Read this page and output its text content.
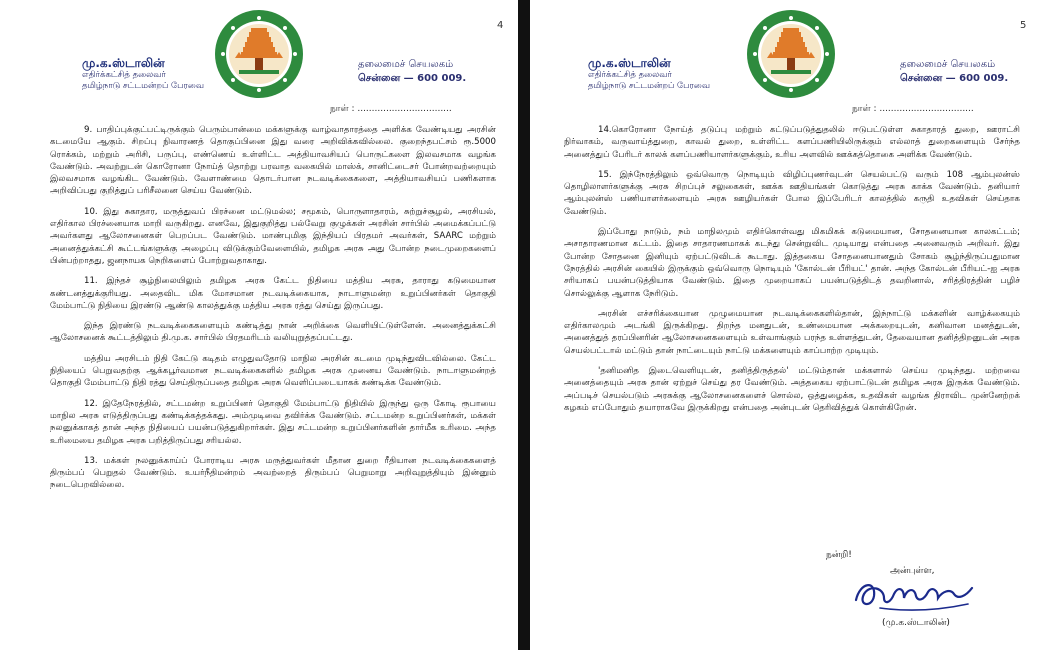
4
மு.க.ஸ்டாலின்
எதிர்க்கட்சித் தலைவர்
தமிழ்நாடு சட்டமன்றப் பேரவை
தலைமைச் செயலகம்
சென்னை — 600 009.
நாள் : .................................

9. பாதிப்புக்குட்பட்டிருக்கும் பெரும்பான்மை மக்களுக்கு வாழ்வாதாரத்தை அளிக்க வேண்டியது அரசின் கடமையே ஆகும். சிறப்பு நிவாரணத் தொகுப்பினை இது வரை அறிவிக்கவில்லை. குறைந்தபட்சம் ரூ.5000 ரொக்கம், மற்றும் அரிசி, பருப்பு, எண்ணெய் உள்ளிட்ட அத்தியாவசியப் பொருட்களை இலவசமாக வழங்க வேண்டும். அவற்றுடன் கொரோனா நோய்த் தொற்று பரவாத வகையில் மாஸ்க், சானிட்டைசர் போன்றவற்றையும் இலவசமாக வழங்கிட வேண்டும். வேளாண்மை தொடர்பான நடவடிக்கைகளை, அத்தியாவசியப் பணிகளாக அறிவிப்பது குறித்துப் பரிசீலனை செய்ய வேண்டும்.

10. இது சுகாதார, மருத்துவப் பிரச்னை மட்டுமல்ல; சமூகம், பொருளாதாரம், சுற்றுச்சூழல், அரசியல், எதிர்கால பிரச்னையாக மாறி வருகிறது. எனவே, இதுகுறித்து பல்வேறு குழுக்கள் அரசின் சார்பில் அமைக்கப்பட்டு அவர்களது ஆலோசனைகள் பெறப்பட வேண்டும். மாண்புமிகு இந்தியப் பிரதமர் அவர்கள், SAARC மற்றும் அனைத்துக்கட்சி கூட்டங்களுக்கு அழைப்பு விடுக்கும்வேளையில், தமிழக அரசு அது போன்ற நடைமுறைகளைப் பின்பற்றாதது, ஜனநாயக நெறிகளைப் போற்றுவதாகாது.

11. இந்தச் சூழ்நிலையிலும் தமிழக அரசு கேட்ட நிதியை மத்திய அரசு, தாராது கடுமையான கண்டனத்துக்குரியது. அதைவிட மிக மோசமான நடவடிக்கையாக, நாடாளுமன்ற உறுப்பினர்கள் தொகுதி மேம்பாட்டு நிதியை இரண்டு ஆண்டு காலத்துக்கு மத்திய அரசு ரத்து செய்து இருப்பது.

இந்த இரண்டு நடவடிக்கைகளையும் கண்டித்து நான் அறிக்கை வெளியிட்டுள்ளேன். அனைத்துக்கட்சி ஆலோசனைக் கூட்டத்திலும் தி.மு.க. சார்பில் பிரதமரிடம் வலியுறுத்தப்பட்டது.

மத்திய அரசிடம் நிதி கேட்டு கடிதம் எழுதுவதோடு மாநில அரசின் கடமை முடிந்துவிடவில்லை. கேட்ட நிதியைப் பெறுவதற்கு ஆக்கபூர்வமான நடவடிக்கைகளில் தமிழக அரசு முனைய வேண்டும். நாடாளுமன்றத் தொகுதி மேம்பாட்டு நிதி ரத்து செய்திருப்பதை தமிழக அரசு வெளிப்படையாகக் கண்டிக்க வேண்டும்.

12. இதேநேரத்தில், சட்டமன்ற உறுப்பினர் தொகுதி மேம்பாட்டு நிதியில் இருந்து ஒரு கோடி ரூபாயை மாநில அரசு எடுத்திருப்பது கண்டிக்கத்தக்கது. அம்முடிவை தவிர்க்க வேண்டும். சட்டமன்ற உறுப்பினர்கள், மக்கள் நலனுக்காகத் தான் அந்த நிதியைப் பயன்படுத்துகிறார்கள். இது சட்டமன்ற உறுப்பினர்களின் தார்மீக உரிமை. அந்த உரிமையை தமிழக அரசு பறித்திருப்பது சரியல்ல.

13. மக்கள் நலனுக்காய்ப் போராடிய அரசு மருத்துவர்கள் மீதான துறை ரீதியான நடவடிக்கைகளைத் திரும்பப் பெறுதல் வேண்டும். உயர்நீதிமன்றம் அவற்றைத் திரும்பப் பெறுமாறு அறிவுறுத்தியும் இன்னும் நடைபெறவில்லை.

5
மு.க.ஸ்டாலின்
எதிர்க்கட்சித் தலைவர்
தமிழ்நாடு சட்டமன்றப் பேரவை
தலைமைச் செயலகம்
சென்னை — 600 009.
நாள் : .................................

14.கொரோனா நோய்த் தடுப்பு மற்றும் கட்டுப்படுத்துதலில் ஈடுபட்டுள்ள சுகாதாரத் துறை, ஊராட்சி நிர்வாகம், வருவாய்த்துறை, காவல் துறை, உள்ளிட்ட களப்பணியிலிருக்கும் எல்லாத் துறைகளையும் சேர்ந்த அனைத்துப் பேரிடர் காலக் களப்பணியாளர்களுக்கும், உரிய அளவில் ஊக்கத்தொகை அளிக்க வேண்டும்.

15. இந்நேரத்திலும் ஒவ்வொரு நொடியும் விழிப்புணர்வுடன் செயல்பட்டு வரும் 108 ஆம்புலன்ஸ் தொழிலாளர்களுக்கு அரசு சிறப்புச் சலுகைகள், ஊக்க ஊதியங்கள் கொடுத்து அரசு காக்க வேண்டும். தனியார் ஆம்புலன்ஸ் பணியாளர்களையும் அரசு ஊழியர்கள் போல இப்பேரிடர் காலத்தில் கருதி உதவிகள் செய்தாக வேண்டும்.

இப்போது நாடும், நம் மாநிலமும் எதிர்கொள்வது மிகமிகக் கடுமையான, சோதனையான காலகட்டம்; அசாதாரணமான கட்டம். இதை சாதாரணமாகக் கடந்து சென்றுவிட முடியாது என்பதை அனைவரும் அறிவர். இது போன்ற சோதனை இனியும் ஏற்பட்டுவிடக் கூடாது. இத்தகைய சோதனையானதும் சோகம் சூழ்ந்திருப்பதுமான நேரத்தில் அரசின் கையில் இருக்கும் ஒவ்வொரு நொடியும் 'கோல்டன் பீரியட்' தான். அந்த கோல்டன் பீரியட்-ஐ அரசு சரியாகப் பயன்படுத்தியாக வேண்டும். இதை முறையாகப் பயன்படுத்திடத் தவறினால், சரித்திரத்தின் பழிச் சொல்லுக்கு ஆளாக நேரிடும்.

அரசின் எச்சரிக்கையான முழுமையான நடவடிக்கைகளில்தான், இந்நாட்டு மக்களின் வாழ்க்கையும் எதிர்காலமும் அடங்கி இருக்கிறது. திறந்த மனதுடன், உண்மையான அக்கறையுடன், கனிவான மனத்துடன், அனைத்துத் தரப்பினரின் ஆலோசனைகளையும் உள்வாங்கும் பரந்த உள்ளத்துடன், தேவையான தனித்திறனுடன் அரசு செயல்பட்டால் மட்டும் தான் நாட்டையும் நாட்டு மக்களையும் காப்பாற்ற முடியும்.

'தனிமனித இடைவெளியுடன், தனித்திருத்தல்' மட்டும்தான் மக்களால் செய்ய முடிந்தது. மற்றவை அனைத்தையும் அரசு தான் ஏற்றுச் செய்து தர வேண்டும். அத்தகைய ஏற்பாட்டுடன் தமிழக அரசு இருக்க வேண்டும். அப்படிச் செயல்படும் அரசுக்கு ஆலோசனைகளைச் சொல்ல, ஒத்துழைக்க, உதவிகள் வழங்க திராவிட முன்னேற்றக் கழகம் எப்போதும் தயாராகவே இருக்கிறது என்பதை அன்புடன் தெரிவித்துக் கொள்கிறேன்.

நன்றி!
அன்புள்ள,
(மு.க.ஸ்டாலின்)
